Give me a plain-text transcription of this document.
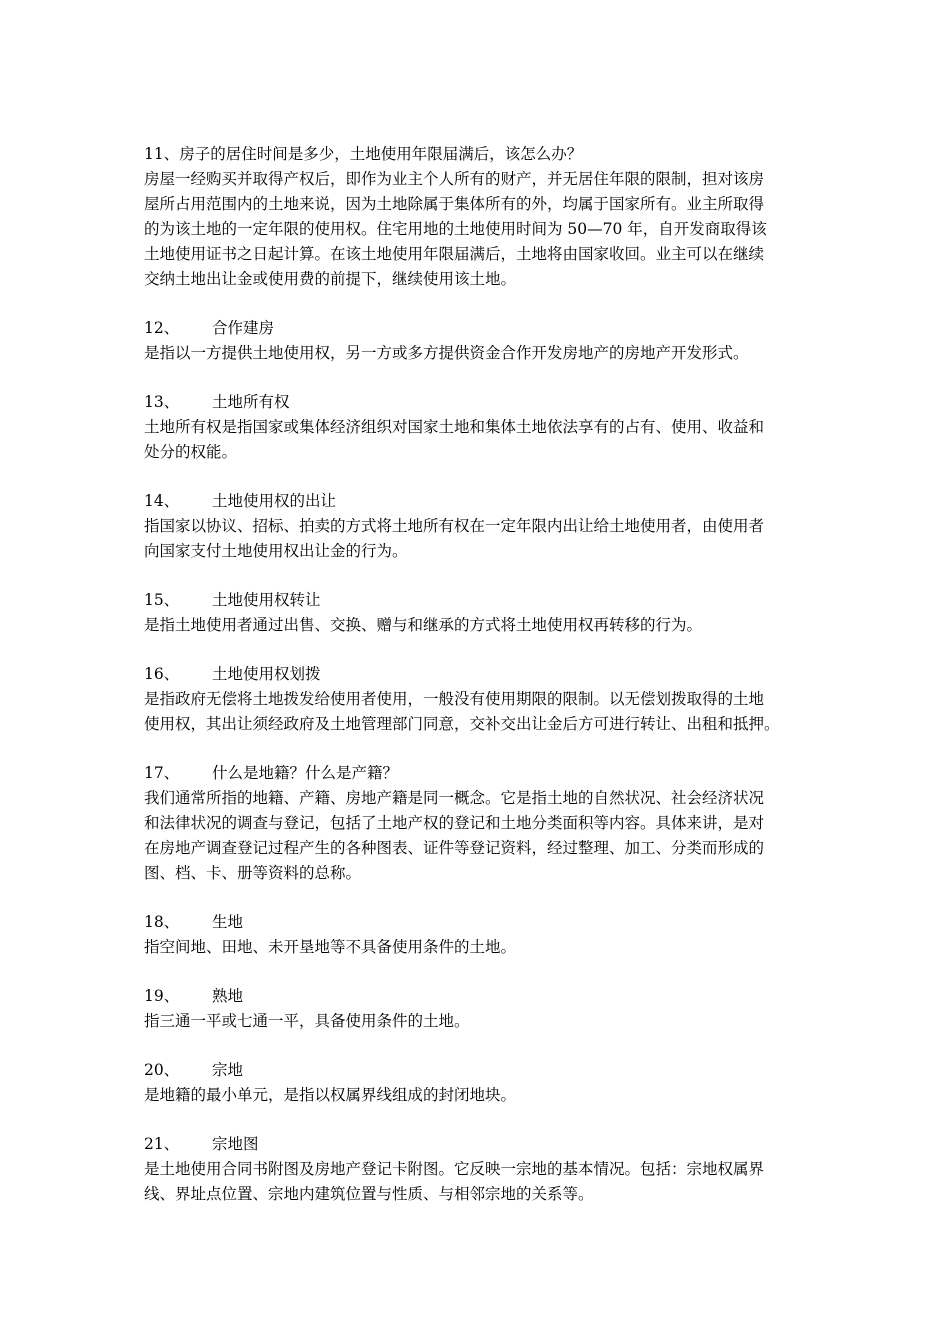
11、 房子的居住时间是多少，土地使用年限届满后，该怎么办？
房屋一经购买并取得产权后，即作为业主个人所有的财产，并无居住年限的限制，担对该房
屋所占用范围内的土地来说，因为土地除属于集体所有的外，均属于国家所有。业主所取得
的为该土地的一定年限的使用权。住宅用地的土地使用时间为 50—70 年，自开发商取得该
土地使用证书之日起计算。在该土地使用年限届满后，土地将由国家收回。业主可以在继续
交纳土地出让金或使用费的前提下，继续使用该土地。
12、	合作建房
是指以一方提供土地使用权，另一方或多方提供资金合作开发房地产的房地产开发形式。
13、	土地所有权
土地所有权是指国家或集体经济组织对国家土地和集体土地依法享有的占有、使用、收益和
处分的权能。
14、	土地使用权的出让
指国家以协议、招标、拍卖的方式将土地所有权在一定年限内出让给土地使用者，由使用者
向国家支付土地使用权出让金的行为。
15、	土地使用权转让
是指土地使用者通过出售、交换、赠与和继承的方式将土地使用权再转移的行为。
16、	土地使用权划拨
是指政府无偿将土地拨发给使用者使用，一般没有使用期限的限制。以无偿划拨取得的土地
使用权，其出让须经政府及土地管理部门同意，交补交出让金后方可进行转让、出租和抵押。
17、	什么是地籍？什么是产籍？
我们通常所指的地籍、产籍、房地产籍是同一概念。它是指土地的自然状况、社会经济状况
和法律状况的调查与登记，包括了土地产权的登记和土地分类面积等内容。具体来讲，是对
在房地产调查登记过程产生的各种图表、证件等登记资料，经过整理、加工、分类而形成的
图、档、卡、册等资料的总称。
18、	生地
指空间地、田地、未开垦地等不具备使用条件的土地。
19、	熟地
指三通一平或七通一平，具备使用条件的土地。
20、	宗地
是地籍的最小单元，是指以权属界线组成的封闭地块。
21、	宗地图
是土地使用合同书附图及房地产登记卡附图。它反映一宗地的基本情况。包括：宗地权属界
线、界址点位置、宗地内建筑位置与性质、与相邻宗地的关系等。
